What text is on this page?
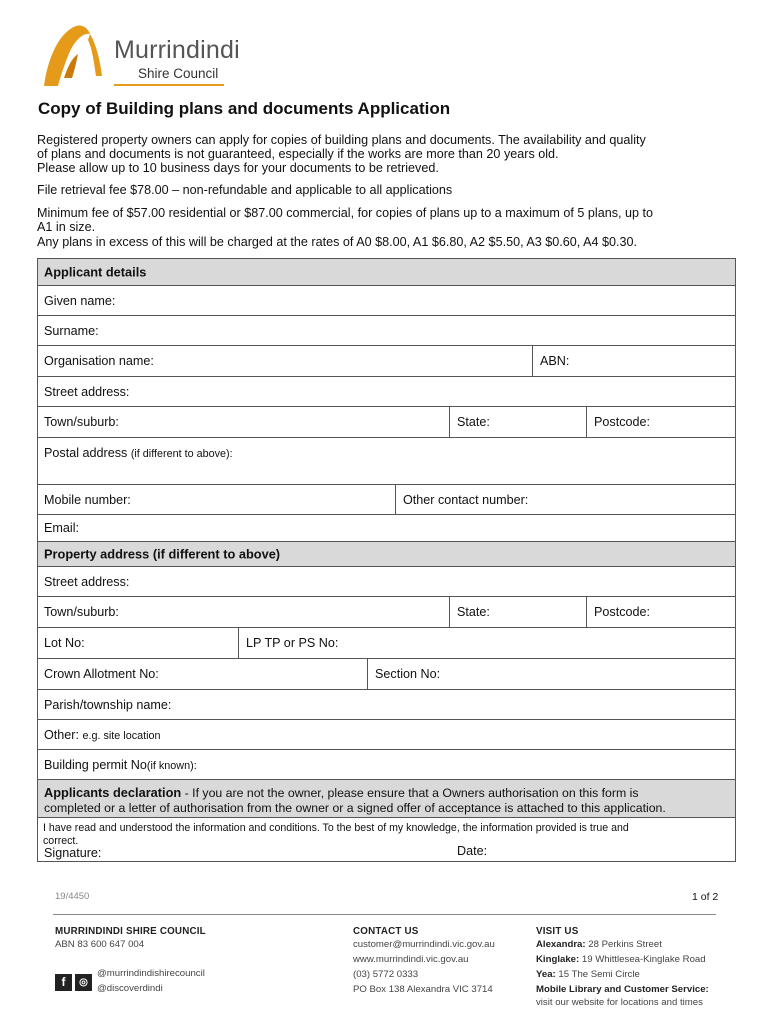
Murrindindi
Shire Council
Copy of Building plans and documents Application
Registered property owners can apply for copies of building plans and documents. The availability and quality
of plans and documents is not guaranteed, especially if the works are more than 20 years old.
Please allow up to 10 business days for your documents to be retrieved.
File retrieval fee $78.00 – non-refundable and applicable to all applications
Minimum fee of $57.00 residential or $87.00 commercial, for copies of plans up to a maximum of 5 plans, up to
A1 in size.
Any plans in excess of this will be charged at the rates of A0 $8.00, A1 $6.80, A2 $5.50, A3 $0.60, A4 $0.30.
Applicant details
Given name:
Surname:
Organisation name:	ABN:
Street address:
Town/suburb:	State:	Postcode:
Postal address (if different to above):
Mobile number:	Other contact number:
Email:
Property address (if different to above)
Street address:
Town/suburb:	State:	Postcode:
Lot No:	LP TP or PS No:
Crown Allotment No:	Section No:
Parish/township name:
Other: e.g. site location
Building permit No(if known):
Applicants declaration - If you are not the owner, please ensure that a Owners authorisation on this form is
completed or a letter of authorisation from the owner or a signed offer of acceptance is attached to this application.
I have read and understood the information and conditions. To the best of my knowledge, the information provided is true and
correct.
Signature:	Date:
19/4450	1 of 2
MURRINDINDI SHIRE COUNCIL
ABN 83 600 647 004
f	◎
@murrindindishirecouncil
@discoverdindi
CONTACT US
customer@murrindindi.vic.gov.au
www.murrindindi.vic.gov.au
(03) 5772 0333
PO Box 138 Alexandra VIC 3714
VISIT US
Alexandra: 28 Perkins Street
Kinglake: 19 Whittlesea-Kinglake Road
Yea: 15 The Semi Circle
Mobile Library and Customer Service:
visit our website for locations and times
